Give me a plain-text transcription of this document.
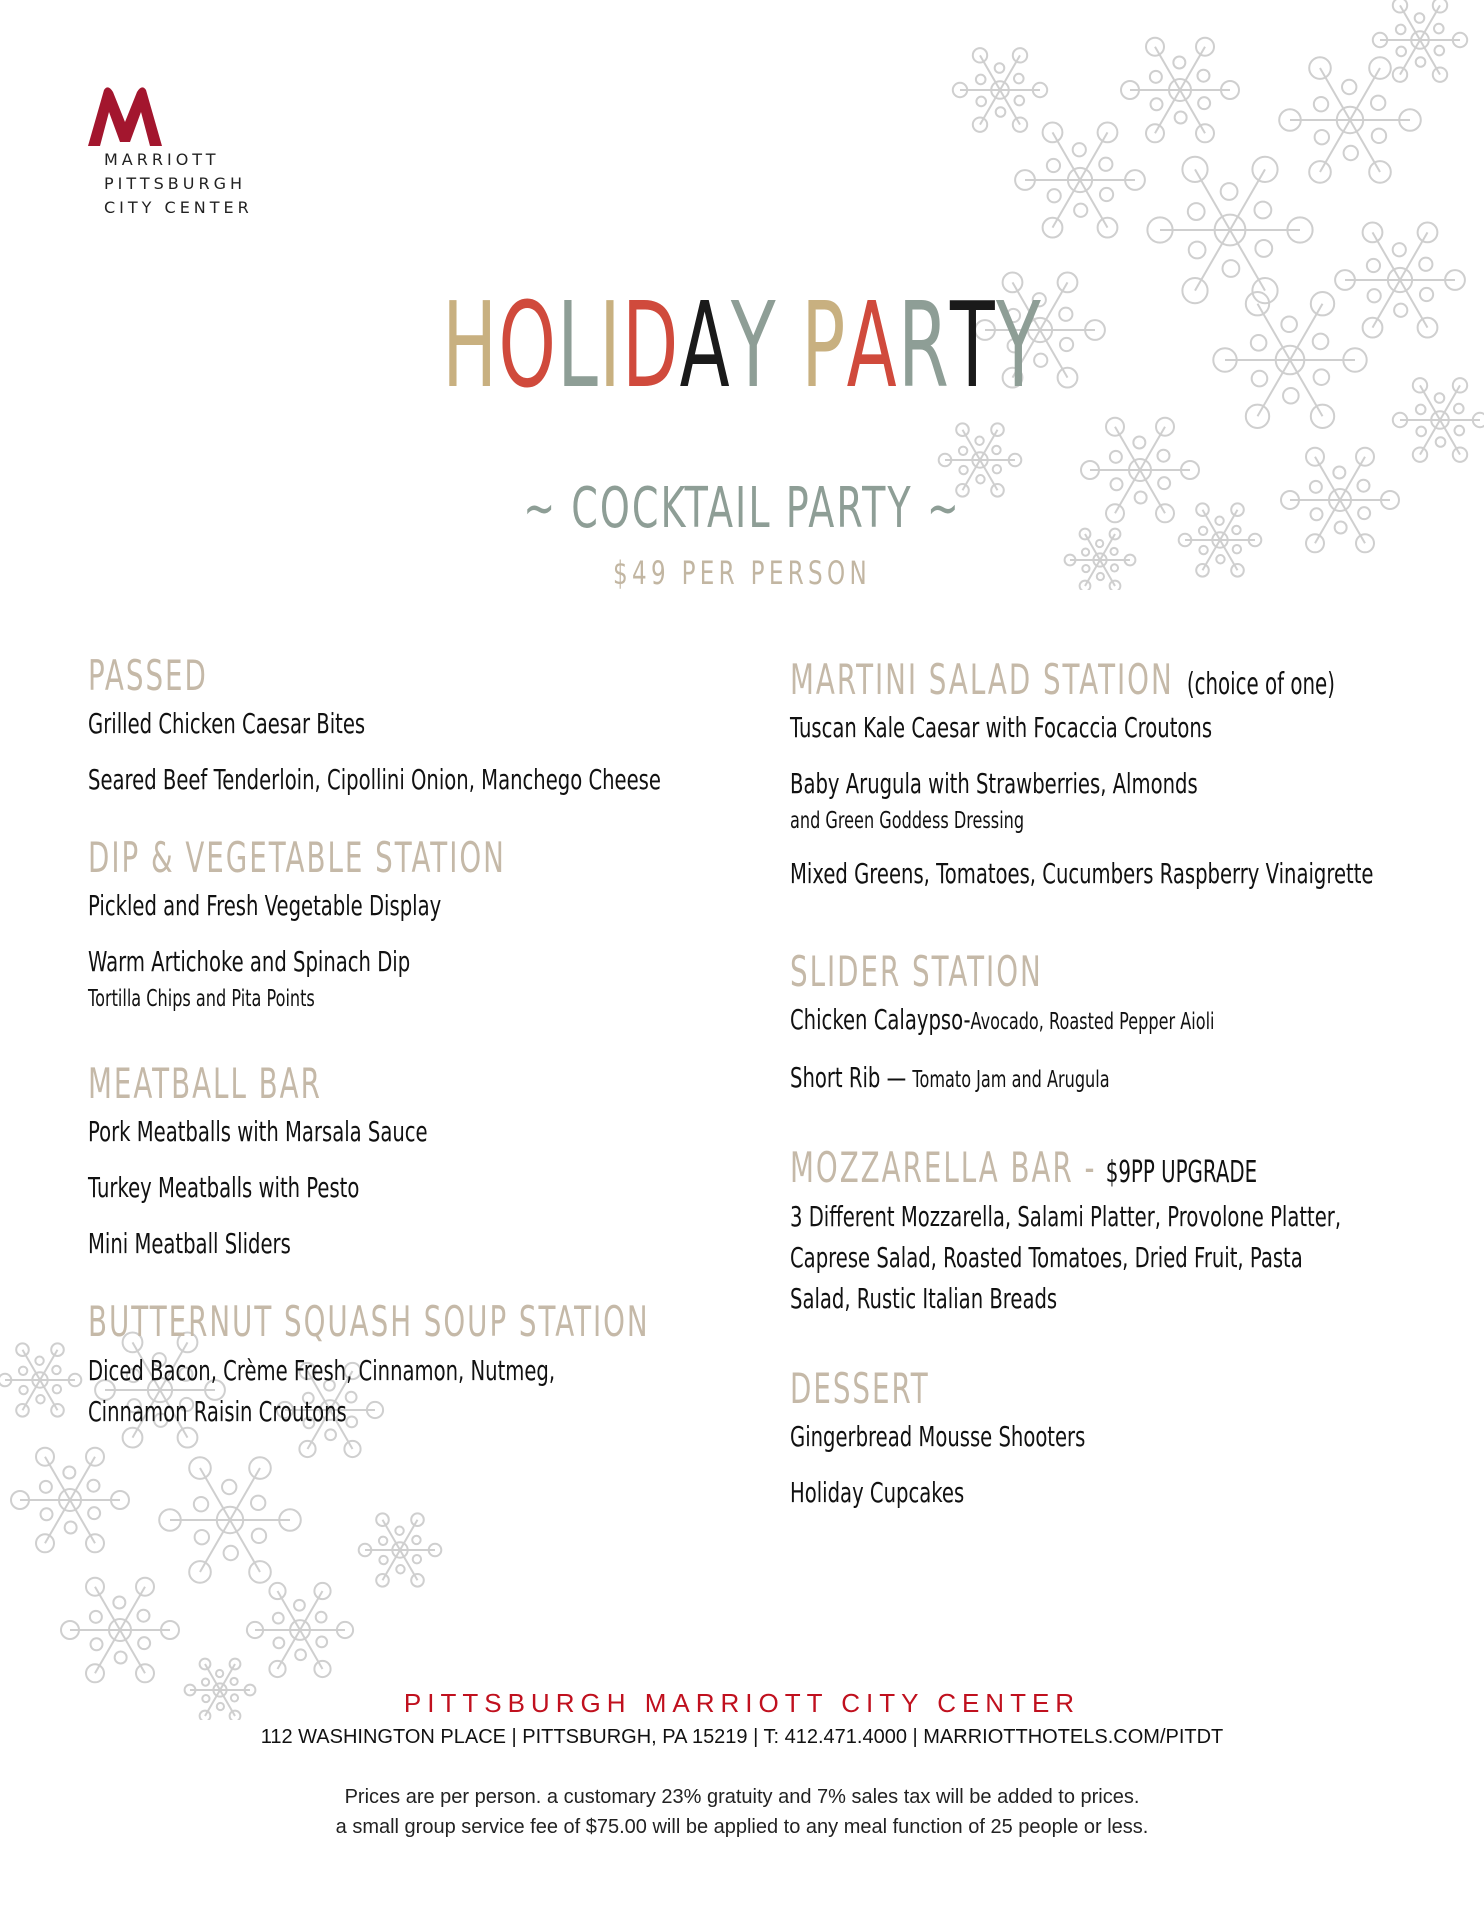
MARRIOTT
PITTSBURGH
CITY CENTER
HOLIDAY PARTY
~ COCKTAIL PARTY ~
$49 PER PERSON
PASSED
Grilled Chicken Caesar Bites
Seared Beef Tenderloin, Cipollini Onion, Manchego Cheese
DIP & VEGETABLE STATION
Pickled and Fresh Vegetable Display
Warm Artichoke and Spinach Dip
Tortilla Chips and Pita Points
MEATBALL BAR
Pork Meatballs with Marsala Sauce
Turkey Meatballs with Pesto
Mini Meatball Sliders
BUTTERNUT SQUASH SOUP STATION
Diced Bacon, Crème Fresh, Cinnamon, Nutmeg, Cinnamon Raisin Croutons
MARTINI SALAD STATION (choice of one)
Tuscan Kale Caesar with Focaccia Croutons
Baby Arugula with Strawberries, Almonds
and Green Goddess Dressing
Mixed Greens, Tomatoes, Cucumbers Raspberry Vinaigrette
SLIDER STATION
Chicken Calaypso-Avocado, Roasted Pepper Aioli
Short Rib — Tomato Jam and Arugula
MOZZARELLA BAR - $9PP UPGRADE
3 Different Mozzarella, Salami Platter, Provolone Platter, Caprese Salad, Roasted Tomatoes, Dried Fruit, Pasta Salad, Rustic Italian Breads
DESSERT
Gingerbread Mousse Shooters
Holiday Cupcakes
PITTSBURGH MARRIOTT CITY CENTER
112 WASHINGTON PLACE | PITTSBURGH, PA 15219 | T: 412.471.4000 | MARRIOTTHOTELS.COM/PITDT
Prices are per person. a customary 23% gratuity and 7% sales tax will be added to prices.
a small group service fee of $75.00 will be applied to any meal function of 25 people or less.
